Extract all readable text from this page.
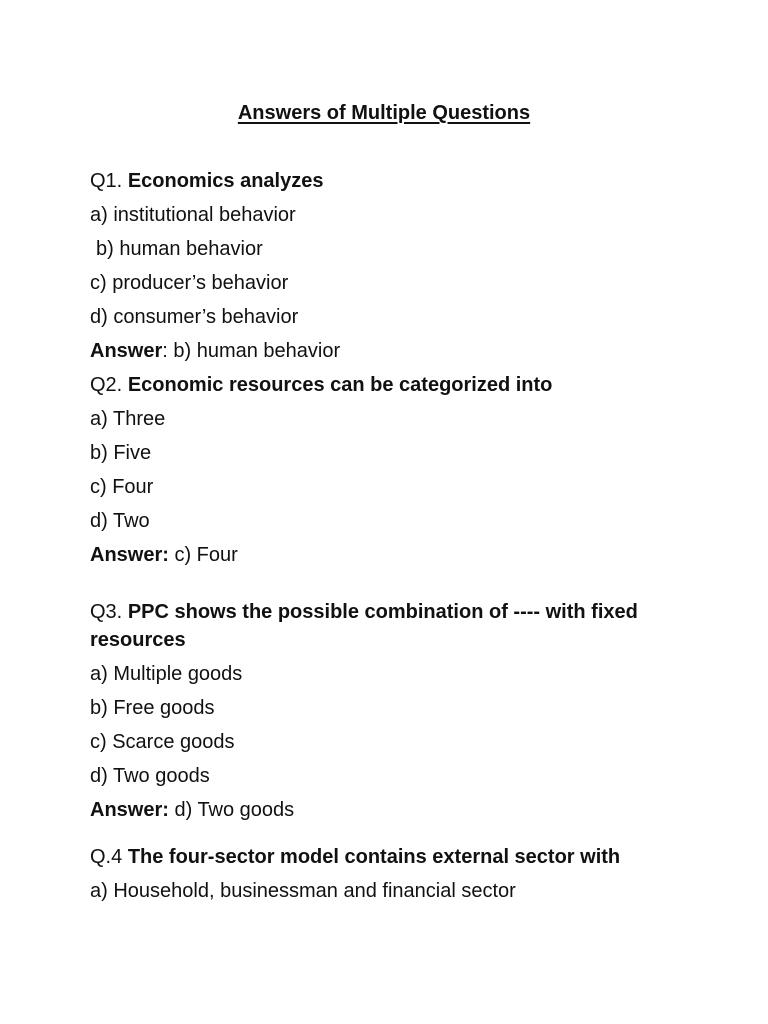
Answers of Multiple Questions
Q1. Economics analyzes
a) institutional behavior
b) human behavior
c) producer’s behavior
d) consumer’s behavior
Answer: b) human behavior
Q2. Economic resources can be categorized into
a) Three
b) Five
c) Four
d) Two
Answer: c) Four
Q3. PPC shows the possible combination of ---- with fixed
resources
a) Multiple goods
b) Free goods
c) Scarce goods
d) Two goods
Answer: d) Two goods
Q.4 The four-sector model contains external sector with
a) Household, businessman and financial sector
